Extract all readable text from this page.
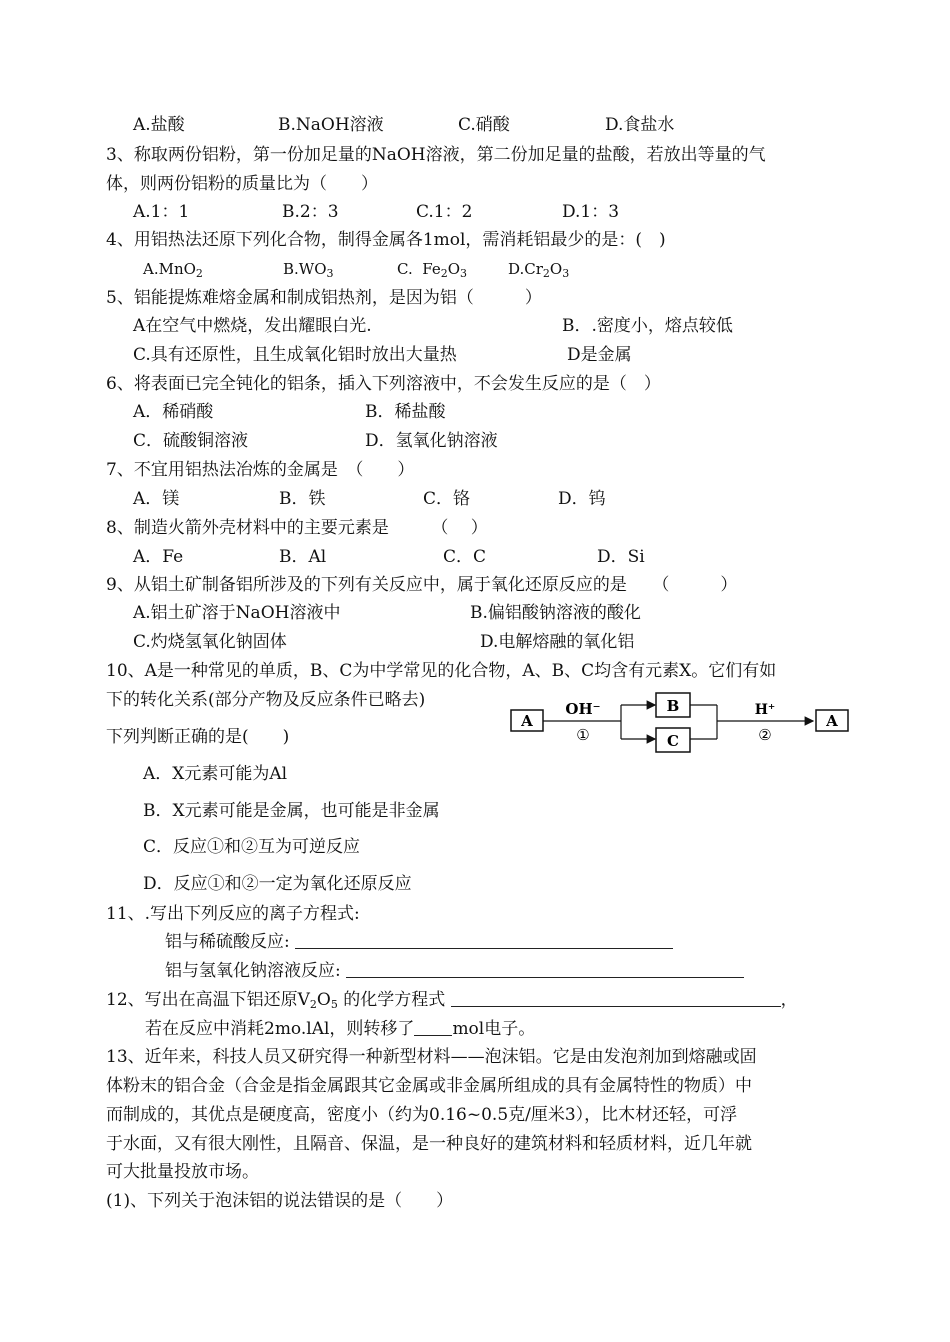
A.盐酸	B.NaOH溶液	C.硝酸	D.食盐水
3、称取两份铝粉，第一份加足量的NaOH溶液，第二份加足量的盐酸，若放出等量的气
体，则两份铝粉的质量比为（　　）
A.1：1	B.2：3	C.1：2	D.1：3
4、用铝热法还原下列化合物，制得金属各1mol，需消耗铝最少的是：(　)
A.MnO$_2$	$B.WO_3$	C.  $Fe_2O_3$	$D.Cr_2O_3$
5、铝能提炼难熔金属和制成铝热剂，是因为铝（　　　）
A在空气中燃烧，发出耀眼白光.	B．.密度小，熔点较低
C.具有还原性，且生成氧化铝时放出大量热	D是金属
6、将表面已完全钝化的铝条，插入下列溶液中，不会发生反应的是（　）
A．稀硝酸	B．稀盐酸
C．硫酸铜溶液	D．氢氧化钠溶液
7、不宜用铝热法冶炼的金属是　（　　）
A．镁	B．铁	C．铬	D．钨
8、制造火箭外壳材料中的主要元素是　　　（　 ）
A．Fe	B．Al	C．C	D．Si
9、从铝土矿制备铝所涉及的下列有关反应中，属于氧化还原反应的是　　（　　　）
A.铝土矿溶于NaOH溶液中	B.偏铝酸钠溶液的酸化
C.灼烧氢氧化钠固体	D.电解熔融的氧化铝
10、A是一种常见的单质，B、C为中学常见的化合物，A、B、C均含有元素X。它们有如
下的转化关系(部分产物及反应条件已略去)
下列判断正确的是(　　)
A
OH⁻
①
B
C
H⁺
②
A
A．X元素可能为Al
B．X元素可能是金属，也可能是非金属
C．反应①和②互为可逆反应
D．反应①和②一定为氧化还原反应
11、.写出下列反应的离子方程式:
铝与稀硫酸反应:
铝与氢氧化钠溶液反应:
12、写出在高温下铝还原$V_2O_5$ 的化学方程式	，
若在反应中消耗2mo.lAl，则转移了 mol电子。
13、近年来，科技人员又研究得一种新型材料——泡沫铝。它是由发泡剂加到熔融或固
体粉末的铝合金（合金是指金属跟其它金属或非金属所组成的具有金属特性的物质）中
而制成的，其优点是硬度高，密度小（约为0.16~0.5克/厘米3），比木材还轻，可浮
于水面，又有很大刚性，且隔音、保温，是一种良好的建筑材料和轻质材料，近几年就
可大批量投放市场。
(1)、下列关于泡沫铝的说法错误的是（　　）
